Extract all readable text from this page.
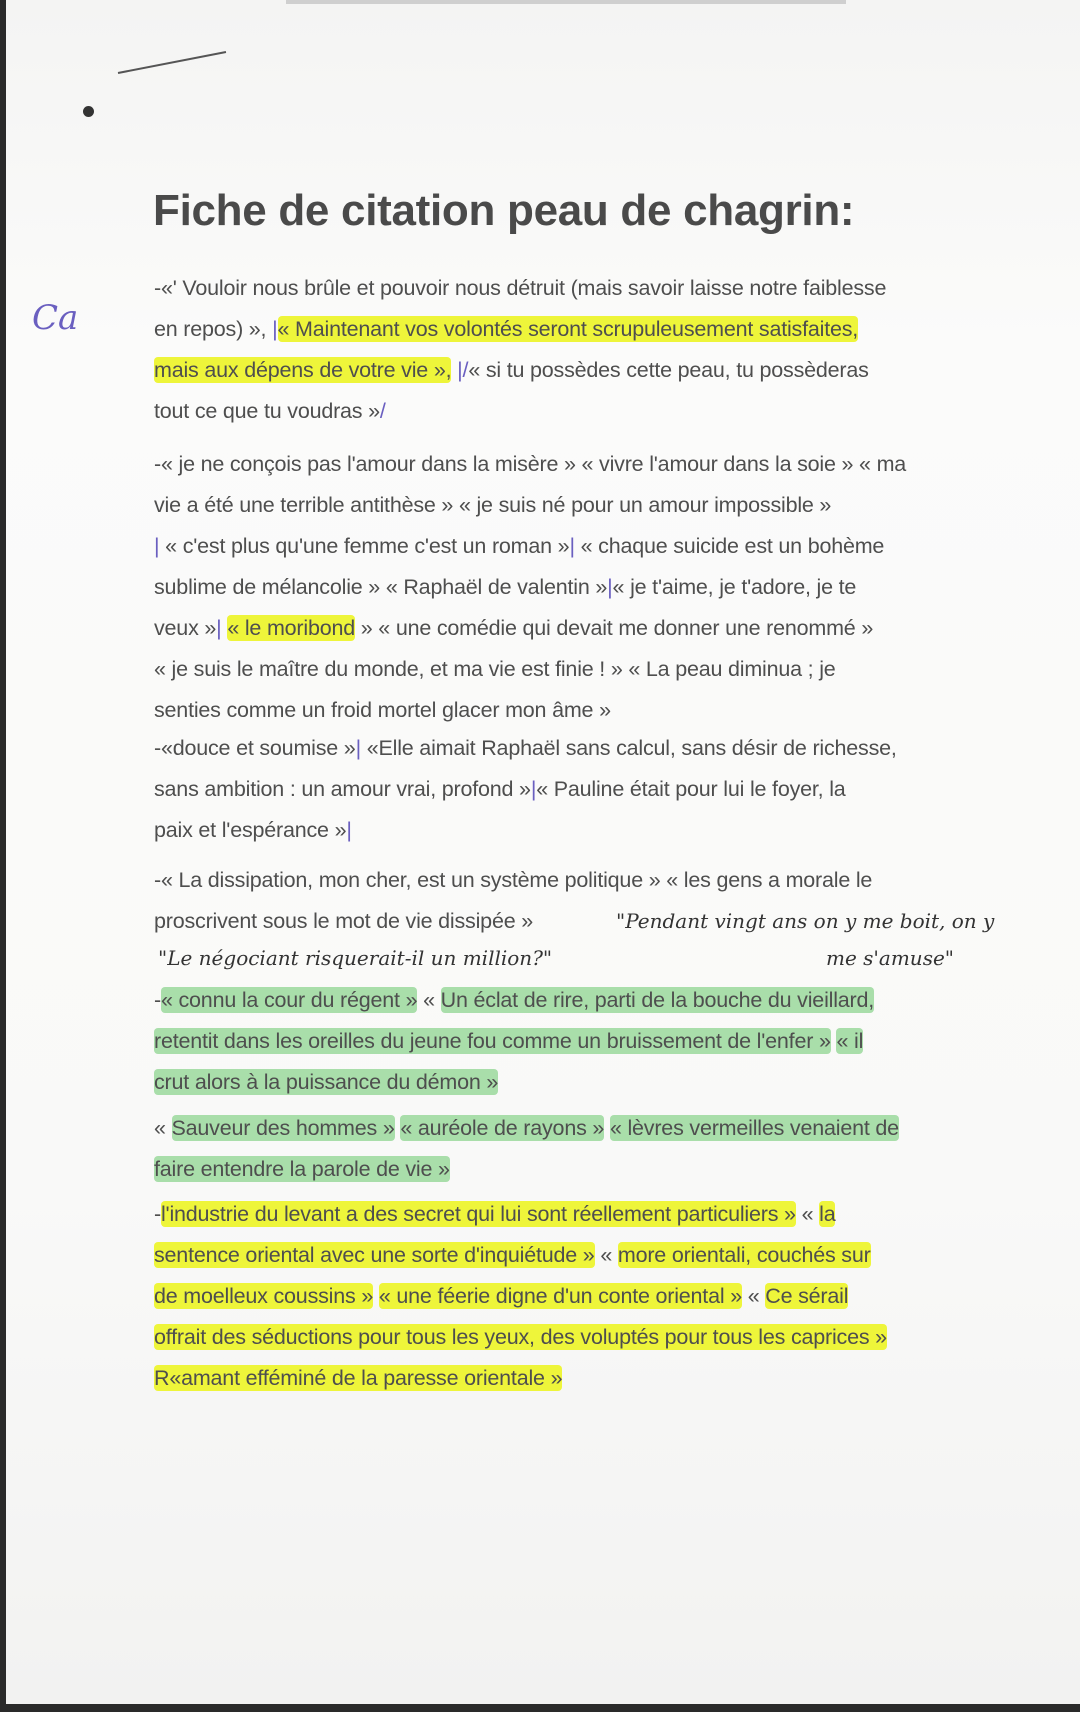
Fiche de citation peau de chagrin:
Ca
-«' Vouloir nous brûle et pouvoir nous détruit (mais savoir laisse notre faiblesse
en repos) », |« Maintenant vos volontés seront scrupuleusement satisfaites,
mais aux dépens de votre vie », |/« si tu possèdes cette peau, tu possèderas
tout ce que tu voudras »/
-« je ne conçois pas l'amour dans la misère » « vivre l'amour dans la soie » « ma
vie a été une terrible antithèse » « je suis né pour un amour impossible »
| « c'est plus qu'une femme c'est un roman »| « chaque suicide est un bohème
sublime de mélancolie » « Raphaël de valentin »|« je t'aime, je t'adore, je te
veux »| « le moribond » « une comédie qui devait me donner une renommé »
« je suis le maître du monde, et ma vie est finie ! » « La peau diminua ; je
senties comme un froid mortel glacer mon âme »
-«douce et soumise »| «Elle aimait Raphaël sans calcul, sans désir de richesse,
sans ambition : un amour vrai, profond »|« Pauline était pour lui le foyer, la
paix et l'espérance »|
-« La dissipation, mon cher, est un système politique » « les gens a morale le
proscrivent sous le mot de vie dissipée »
-« connu la cour du régent » « Un éclat de rire, parti de la bouche du vieillard,
retentit dans les oreilles du jeune fou comme un bruissement de l'enfer » « il
crut alors à la puissance du démon »
« Sauveur des hommes » « auréole de rayons » « lèvres vermeilles venaient de
faire entendre la parole de vie »
-l'industrie du levant a des secret qui lui sont réellement particuliers » « la
sentence oriental avec une sorte d'inquiétude » « more orientali, couchés sur
de moelleux coussins » « une féerie digne d'un conte oriental » « Ce sérail
offrait des séductions pour tous les yeux, des voluptés pour tous les caprices »
R«amant efféminé de la paresse orientale »
"Pendant vingt ans on y me boit, on y
me s'amuse"
"Le négociant risquerait-il un million?"
